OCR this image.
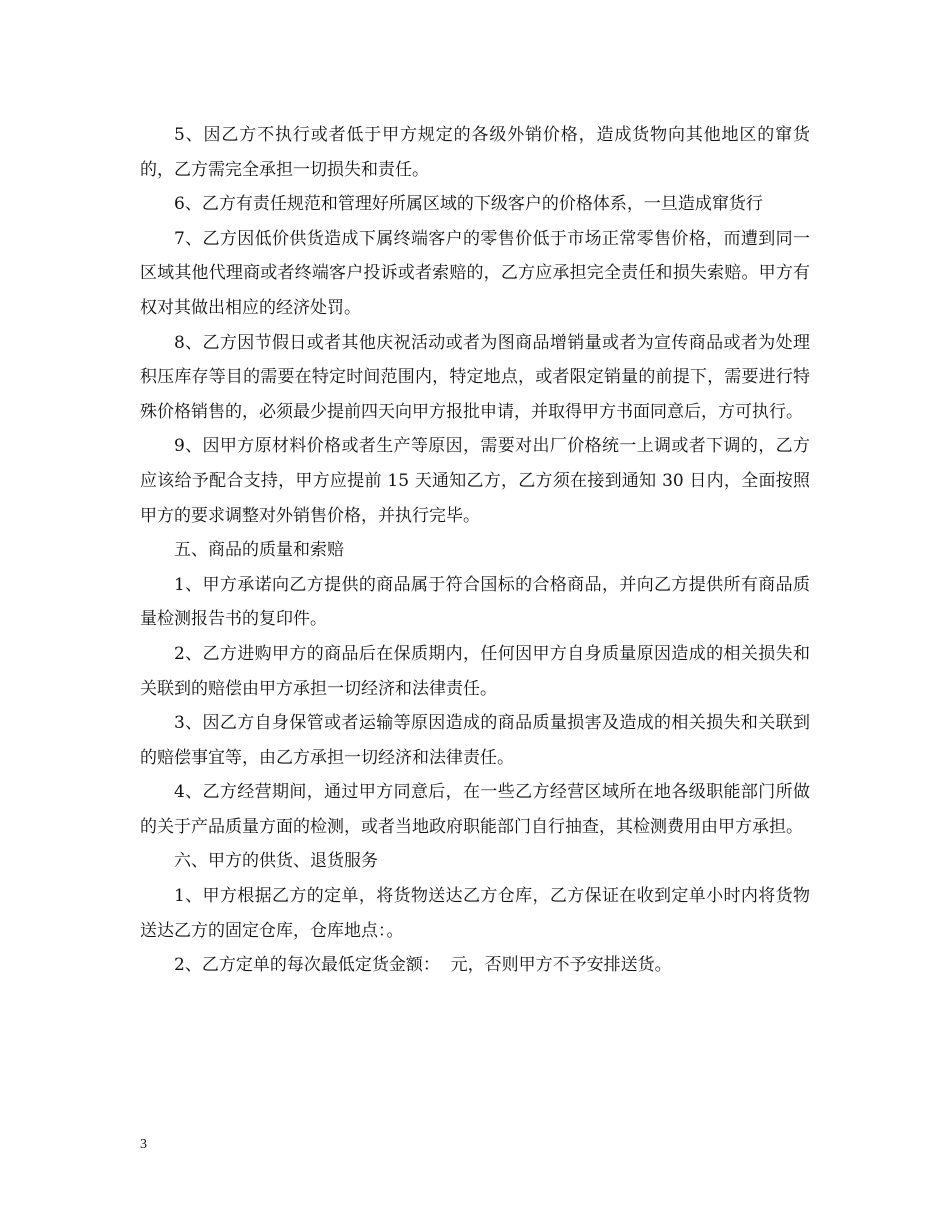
5、因乙方不执行或者低于甲方规定的各级外销价格，造成货物向其他地区的窜货的，乙方需完全承担一切损失和责任。

6、乙方有责任规范和管理好所属区域的下级客户的价格体系，一旦造成窜货行

7、乙方因低价供货造成下属终端客户的零售价低于市场正常零售价格，而遭到同一区域其他代理商或者终端客户投诉或者索赔的，乙方应承担完全责任和损失索赔。甲方有权对其做出相应的经济处罚。

8、乙方因节假日或者其他庆祝活动或者为图商品增销量或者为宣传商品或者为处理积压库存等目的需要在特定时间范围内，特定地点，或者限定销量的前提下，需要进行特殊价格销售的，必须最少提前四天向甲方报批申请，并取得甲方书面同意后，方可执行。

9、因甲方原材料价格或者生产等原因，需要对出厂价格统一上调或者下调的，乙方应该给予配合支持，甲方应提前 15 天通知乙方，乙方须在接到通知 30 日内，全面按照甲方的要求调整对外销售价格，并执行完毕。

五、商品的质量和索赔

1、甲方承诺向乙方提供的商品属于符合国标的合格商品，并向乙方提供所有商品质量检测报告书的复印件。

2、乙方进购甲方的商品后在保质期内，任何因甲方自身质量原因造成的相关损失和关联到的赔偿由甲方承担一切经济和法律责任。

3、因乙方自身保管或者运输等原因造成的商品质量损害及造成的相关损失和关联到的赔偿事宜等，由乙方承担一切经济和法律责任。

4、乙方经营期间，通过甲方同意后，在一些乙方经营区域所在地各级职能部门所做的关于产品质量方面的检测，或者当地政府职能部门自行抽查，其检测费用由甲方承担。

六、甲方的供货、退货服务

1、甲方根据乙方的定单，将货物送达乙方仓库，乙方保证在收到定单小时内将货物送达乙方的固定仓库，仓库地点：。

2、乙方定单的每次最低定货金额：  元，否则甲方不予安排送货。

3
